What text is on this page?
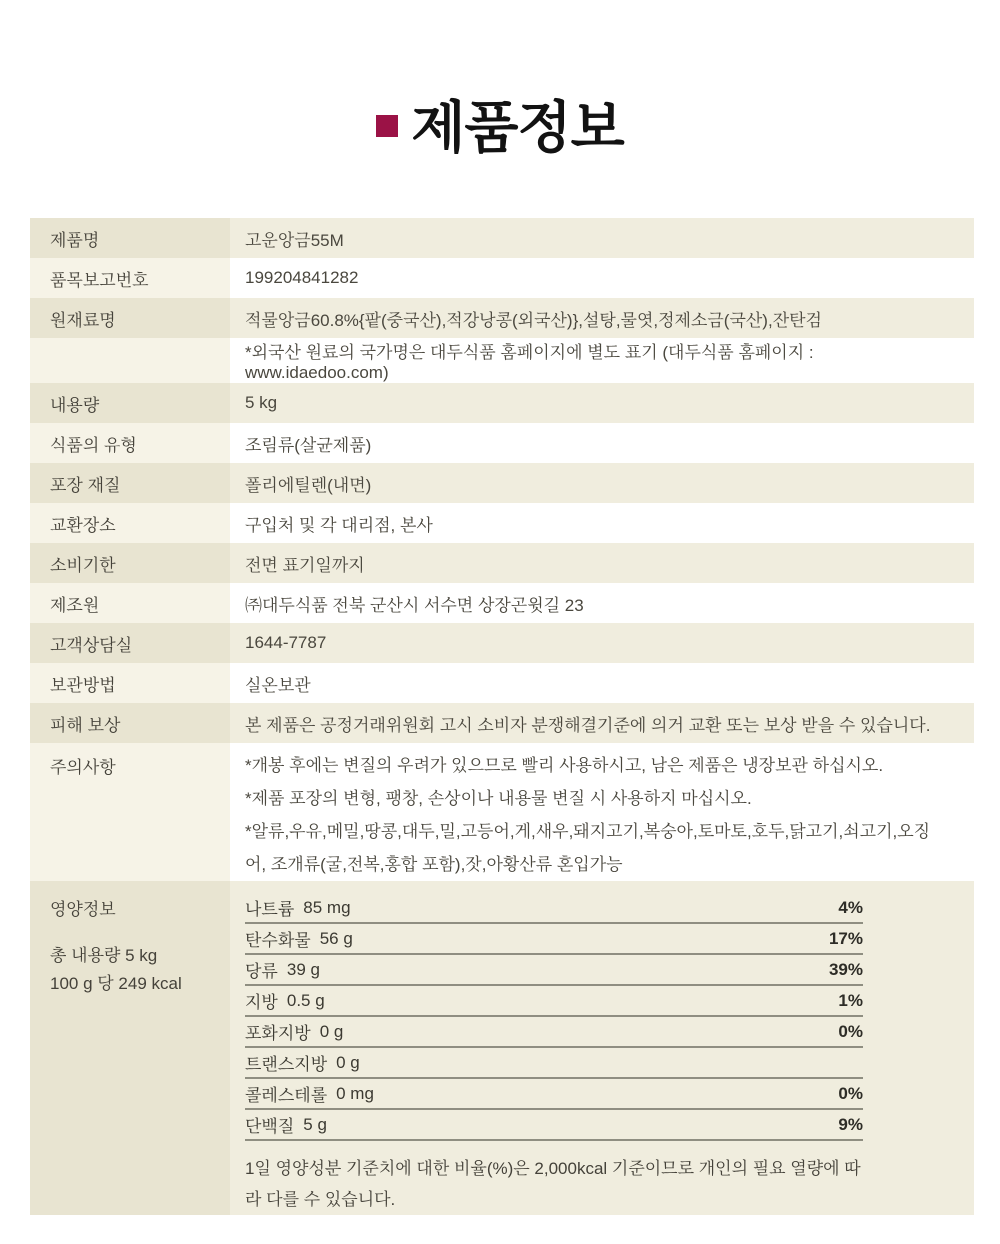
제품정보
제품명	고운앙금55M
품목보고번호	199204841282
원재료명	적물앙금60.8%{팥(중국산),적강낭콩(외국산)},설탕,물엿,정제소금(국산),잔탄검
*외국산 원료의 국가명은 대두식품 홈페이지에 별도 표기 (대두식품 홈페이지 : www.idaedoo.com)
내용량	5 kg
식품의 유형	조림류(살균제품)
포장 재질	폴리에틸렌(내면)
교환장소	구입처 및 각 대리점, 본사
소비기한	전면 표기일까지
제조원	㈜대두식품 전북 군산시 서수면 상장곤윗길 23
고객상담실	1644-7787
보관방법	실온보관
피해 보상	본 제품은 공정거래위원회 고시 소비자 분쟁해결기준에 의거 교환 또는 보상 받을 수 있습니다.
주의사항	*개봉 후에는 변질의 우려가 있으므로 빨리 사용하시고, 남은 제품은 냉장보관 하십시오.
*제품 포장의 변형, 팽창, 손상이나 내용물 변질 시 사용하지 마십시오.
*알류,우유,메밀,땅콩,대두,밀,고등어,게,새우,돼지고기,복숭아,토마토,호두,닭고기,쇠고기,오징어, 조개류(굴,전복,홍합 포함),잣,아황산류 혼입가능
영양정보
총 내용량 5 kg
100 g 당 249 kcal
나트륨 85 mg	4%
탄수화물 56 g	17%
당류 39 g	39%
지방 0.5 g	1%
포화지방 0 g	0%
트랜스지방 0 g
콜레스테롤 0 mg	0%
단백질 5 g	9%
1일 영양성분 기준치에 대한 비율(%)은 2,000kcal 기준이므로 개인의 필요 열량에 따라 다를 수 있습니다.
